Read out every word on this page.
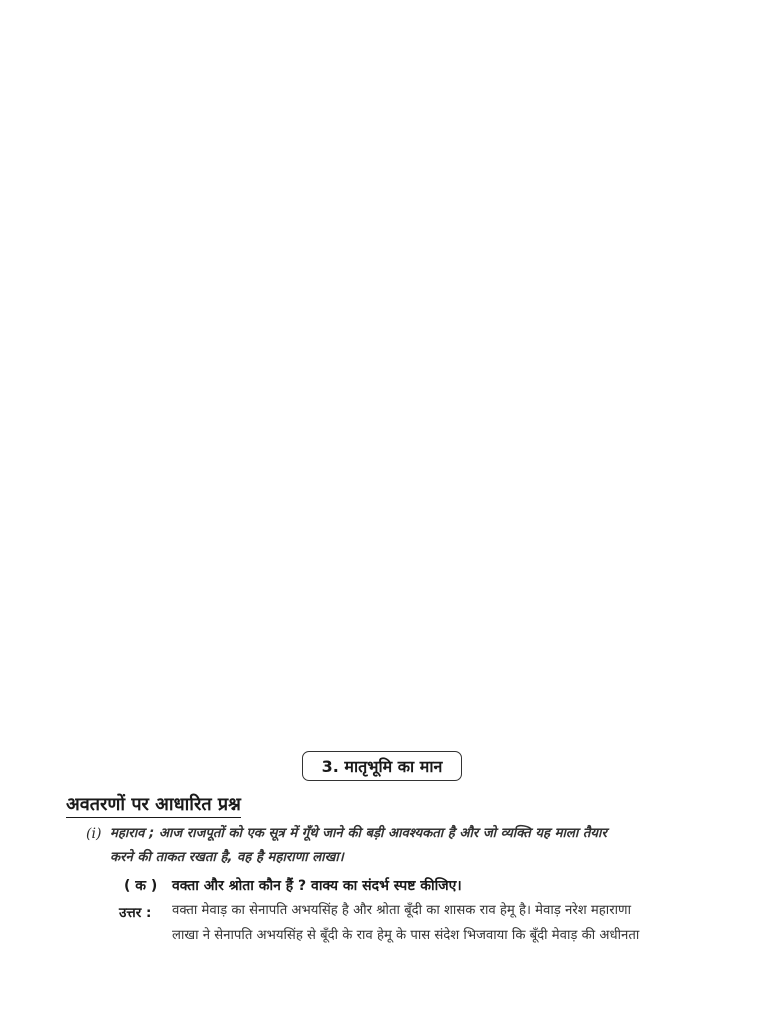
3. मातृभूमि का मान
अवतरणों पर आधारित प्रश्न
(i) महाराव ; आज राजपूतों को एक सूत्र में गूँथे जाने की बड़ी आवश्यकता है और जो व्यक्ति यह माला तैयार
करने की ताकत रखता है, वह है महाराणा लाखा।
( क ) वक्ता और श्रोता कौन हैं ? वाक्य का संदर्भ स्पष्ट कीजिए।
उत्तर : वक्ता मेवाड़ का सेनापति अभयसिंह है और श्रोता बूँदी का शासक राव हेमू है। मेवाड़ नरेश महाराणा
लाखा ने सेनापति अभयसिंह से बूँदी के राव हेमू के पास संदेश भिजवाया कि बूँदी मेवाड़ की अधीनता
